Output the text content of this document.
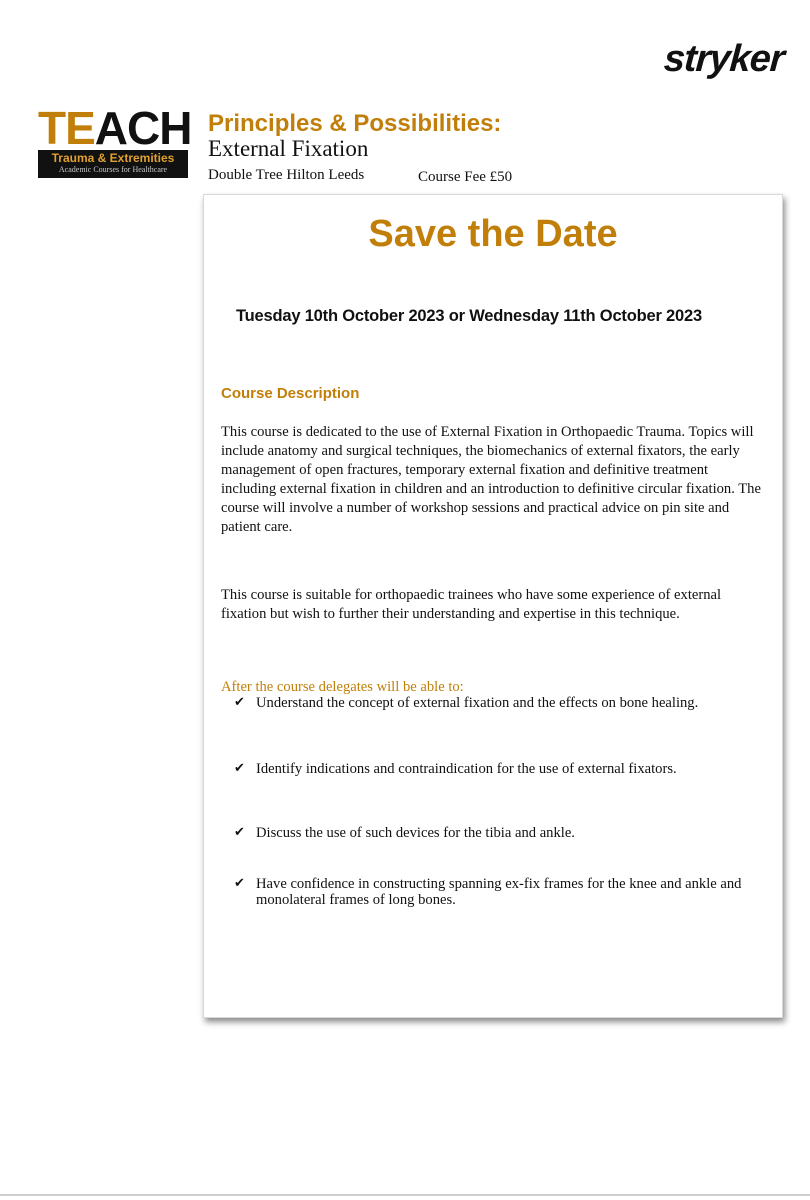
stryker
TEACH
Trauma & Extremities
Academic Courses for Healthcare
Principles & Possibilities:
External Fixation
Double Tree Hilton Leeds	Course Fee £50
Save the Date
Tuesday 10th October 2023 or Wednesday 11th October 2023
Course Description
This course is dedicated to the use of External Fixation in Orthopaedic Trauma. Topics will include anatomy and surgical techniques, the biomechanics of external fixators, the early management of open fractures, temporary external fixation and definitive treatment including external fixation in children and an introduction to definitive circular fixation. The course will involve a number of workshop sessions and practical advice on pin site and patient care.
This course is suitable for orthopaedic trainees who have some experience of external fixation but wish to further their understanding and expertise in this technique.
After the course delegates will be able to:
✔ Understand the concept of external fixation and the effects on bone healing.
✔ Identify indications and contraindication for the use of external fixators.
✔ Discuss the use of such devices for the tibia and ankle.
✔ Have confidence in constructing spanning ex-fix frames for the knee and ankle and monolateral frames of long bones.
